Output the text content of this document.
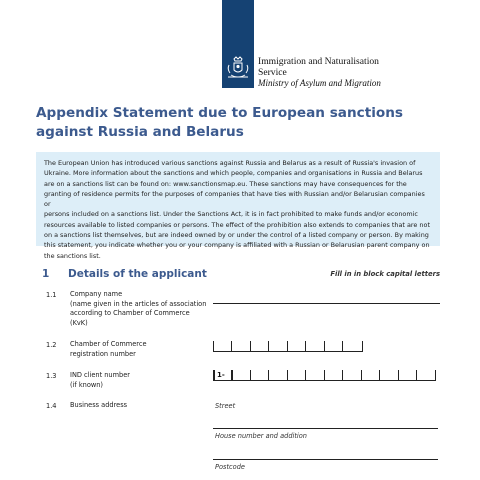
Immigration and Naturalisation
Service
Ministry of Asylum and Migration
Appendix Statement due to European sanctions against Russia and Belarus
The European Union has introduced various sanctions against Russia and Belarus as a result of Russia's invasion of
Ukraine. More information about the sanctions and which people, companies and organisations in Russia and Belarus
are on a sanctions list can be found on: www.sanctionsmap.eu. These sanctions may have consequences for the
granting of residence permits for the purposes of companies that have ties with Russian and/or Belarusian companies or
persons included on a sanctions list. Under the Sanctions Act, it is in fact prohibited to make funds and/or economic
resources available to listed companies or persons. The effect of the prohibition also extends to companies that are not
on a sanctions list themselves, but are indeed owned by or under the control of a listed company or person. By making
this statement, you indicate whether you or your company is affiliated with a Russian or Belarusian parent company on
the sanctions list.
1 Details of the applicant	Fill in in block capital letters
1.1 Company name
(name given in the articles of association
according to Chamber of Commerce
(KvK)
1.2 Chamber of Commerce
registration number
1.3 IND client number
(if known)
1-
1.4 Business address	Street
House number and addition
Postcode
